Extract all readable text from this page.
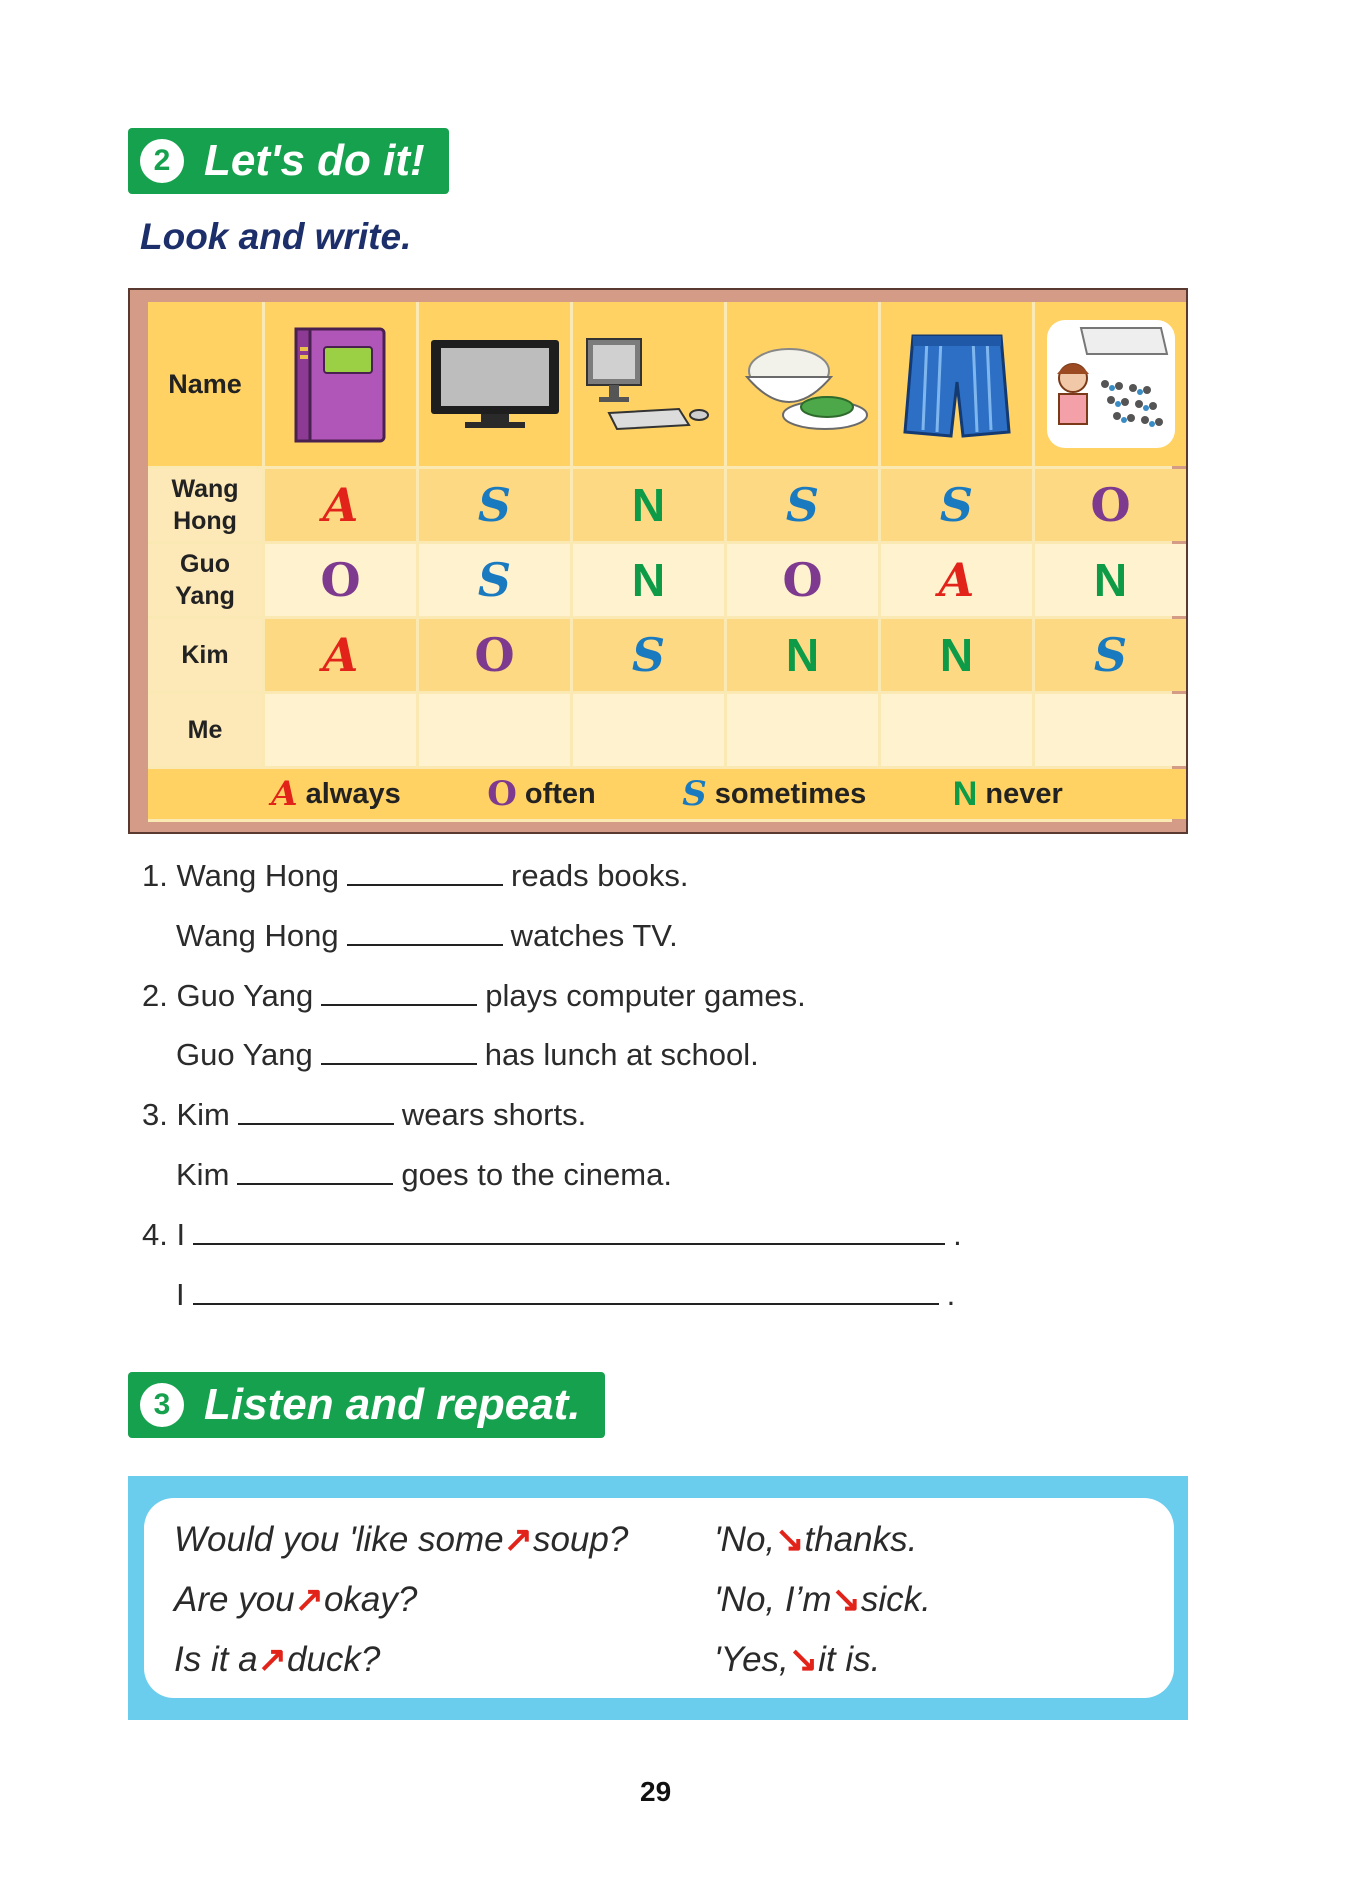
2 Let's do it!
Look and write.
Name
Wang
Hong A	S	N	S	S	O
Guo
Yang O	S	N	O	A	N
Kim A	O	S	N	N	S
Me
A always	O often	S sometimes	N never
1. Wang Hong	reads books.
Wang Hong	watches TV.
2. Guo Yang	plays computer games.
Guo Yang	has lunch at school.
3. Kim	wears shorts.
Kim	goes to the cinema.
4. I	.
I	.
3 Listen and repeat.
Would you 'like some↗soup?
Are you↗okay?
Is it a↗duck?
'No,↘thanks.
'No, I’m↘sick.
'Yes,↘it is.
29
